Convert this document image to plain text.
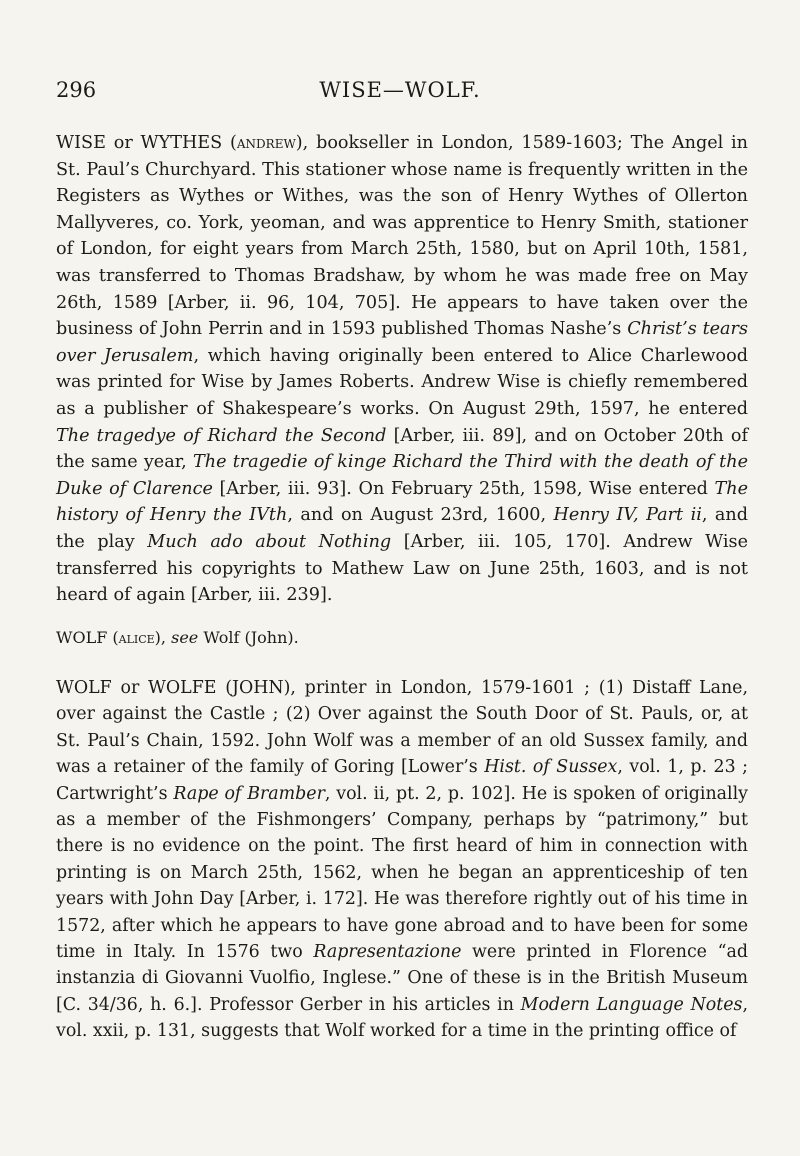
296	WISE—WOLF.

WISE or WYTHES (andrew), bookseller in London, 1589-1603; The Angel in St. Paul’s Churchyard. This stationer whose name is frequently written in the Registers as Wythes or Withes, was the son of Henry Wythes of Ollerton Mallyveres, co. York, yeoman, and was apprentice to Henry Smith, stationer of London, for eight years from March 25th, 1580, but on April 10th, 1581, was transferred to Thomas Bradshaw, by whom he was made free on May 26th, 1589 [Arber, ii. 96, 104, 705]. He appears to have taken over the business of John Perrin and in 1593 published Thomas Nashe’s Christ’s tears over Jerusalem, which having originally been entered to Alice Charlewood was printed for Wise by James Roberts. Andrew Wise is chiefly remembered as a publisher of Shakespeare’s works. On August 29th, 1597, he entered The tragedye of Richard the Second [Arber, iii. 89], and on October 20th of the same year, The tragedie of kinge Richard the Third with the death of the Duke of Clarence [Arber, iii. 93]. On February 25th, 1598, Wise entered The history of Henry the IVth, and on August 23rd, 1600, Henry IV, Part ii, and the play Much ado about Nothing [Arber, iii. 105, 170]. Andrew Wise transferred his copyrights to Mathew Law on June 25th, 1603, and is not heard of again [Arber, iii. 239].

WOLF (alice), see Wolf (John).

WOLF or WOLFE (JOHN), printer in London, 1579-1601 ; (1) Distaff Lane, over against the Castle ; (2) Over against the South Door of St. Pauls, or, at St. Paul’s Chain, 1592. John Wolf was a member of an old Sussex family, and was a retainer of the family of Goring [Lower’s Hist. of Sussex, vol. 1, p. 23 ; Cartwright’s Rape of Bramber, vol. ii, pt. 2, p. 102]. He is spoken of originally as a member of the Fishmongers’ Company, perhaps by “patrimony,” but there is no evidence on the point. The first heard of him in connection with printing is on March 25th, 1562, when he began an apprenticeship of ten years with John Day [Arber, i. 172]. He was therefore rightly out of his time in 1572, after which he appears to have gone abroad and to have been for some time in Italy. In 1576 two Rapresentazione were printed in Florence “ad instanzia di Giovanni Vuolfio, Inglese.” One of these is in the British Museum [C. 34/36, h. 6.]. Professor Gerber in his articles in Modern Language Notes, vol. xxii, p. 131, suggests that Wolf worked for a time in the printing office of
